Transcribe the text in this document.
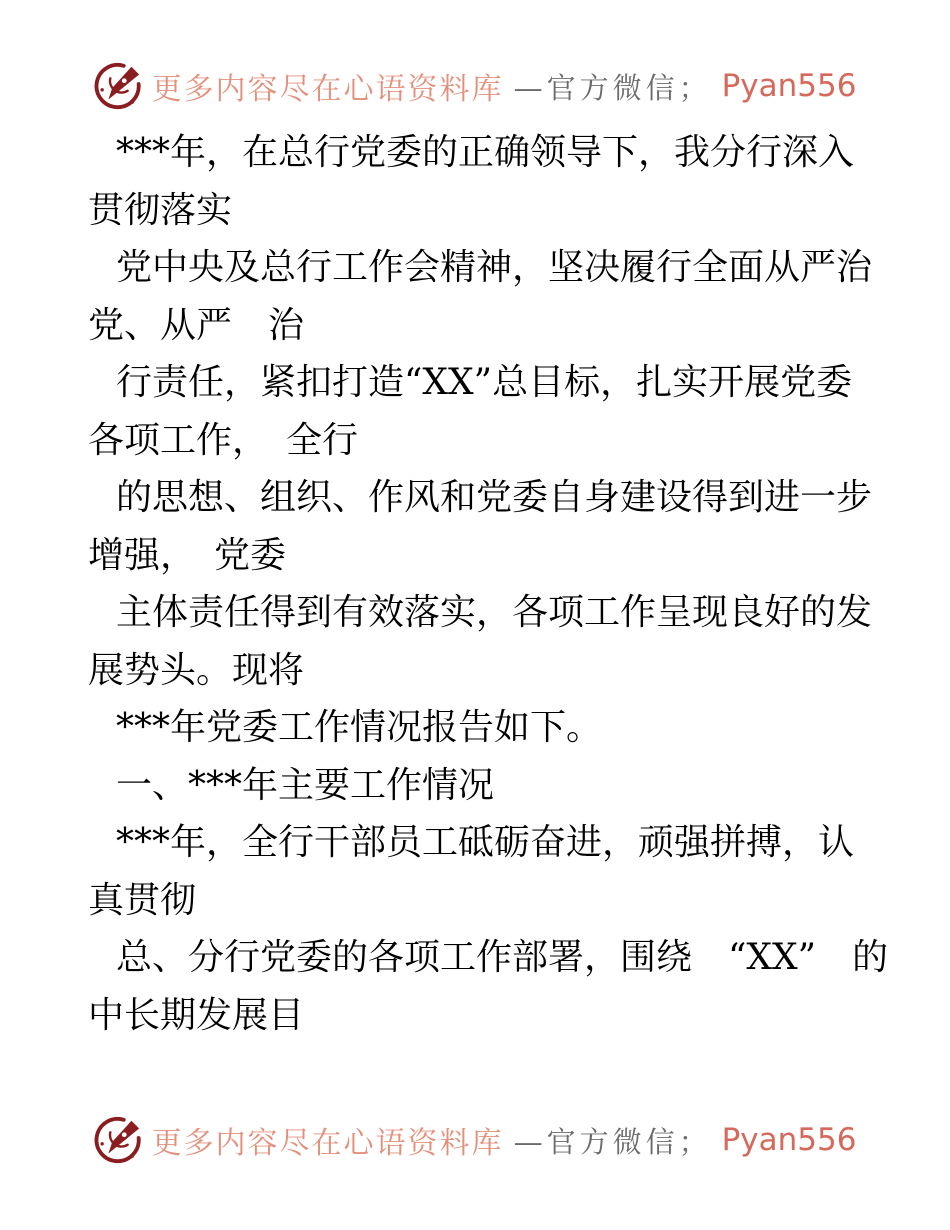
更多内容尽在心语资料库 —官方微信； Pyan556

***年，在总行党委的正确领导下，我分行深入
贯彻落实

党中央及总行工作会精神，坚决履行全面从严治
党、从严　治

行责任，紧扣打造“XX”总目标，扎实开展党委
各项工作，　全行

的思想、组织、作风和党委自身建设得到进一步
增强，　党委

主体责任得到有效落实，各项工作呈现良好的发
展势头。现将

***年党委工作情况报告如下。

一、***年主要工作情况

***年，全行干部员工砥砺奋进，顽强拼搏，认
真贯彻

总、分行党委的各项工作部署，围绕　“XX”　的
中长期发展目

更多内容尽在心语资料库 —官方微信； Pyan556
